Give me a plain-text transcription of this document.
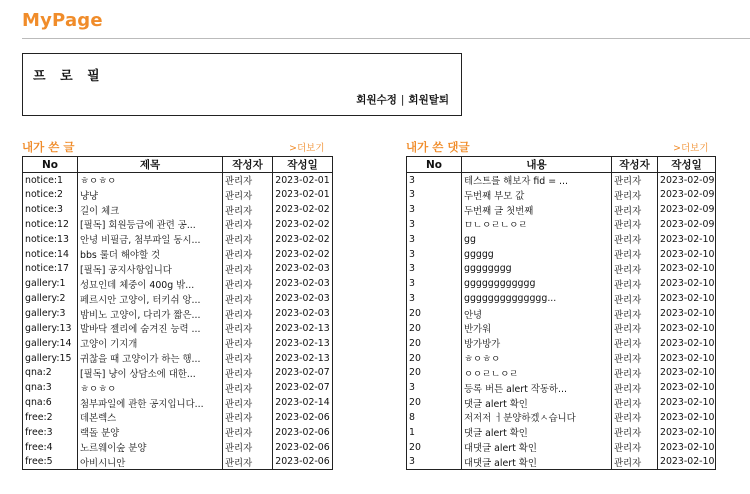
MyPage
프 로 필
회원수정 | 회원탈퇴
내가 쓴 글	>더보기	내가 쓴 댓글	>더보기
No	제목	작성자	작성일
notice:1	ㅎㅇㅎㅇ	관리자	2023-02-01
notice:2	냥냥	관리자	2023-02-01
notice:3	길이 체크	관리자	2023-02-02
notice:12	[필독] 회원등급에 관련 공...	관리자	2023-02-02
notice:13	안녕 비필금, 첨부파일 동시...	관리자	2023-02-02
notice:14	bbs 룰더 해야할 것	관리자	2023-02-02
notice:17	[필독] 공지사항입니다	관리자	2023-02-03
gallery:1	성묘인데 체중이 400g 밖...	관리자	2023-02-03
gallery:2	페르시안 고양이, 터키쉬 앙...	관리자	2023-02-03
gallery:3	밤비노 고양이, 다리가 짧은...	관리자	2023-02-03
gallery:13	발바닥 젤리에 숨겨진 능력 ...	관리자	2023-02-13
gallery:14	고양이 기지개	관리자	2023-02-13
gallery:15	귀찮을 때 고양이가 하는 행...	관리자	2023-02-13
qna:2	[필독] 냥이 상담소에 대한...	관리자	2023-02-07
qna:3	ㅎㅇㅎㅇ	관리자	2023-02-07
qna:6	첨부파일에 관한 공지입니다...	관리자	2023-02-14
free:2	데본렉스	관리자	2023-02-06
free:3	랙돌 분양	관리자	2023-02-06
free:4	노르웨이숲 분양	관리자	2023-02-06
free:5	아비시니안	관리자	2023-02-06
No	내용	작성자	작성일
3	테스트를 해보자 fid = ...	관리자	2023-02-09
3	두번째 부모 값	관리자	2023-02-09
3	두번째 글 첫번째	관리자	2023-02-09
3	ㅁㄴㅇㄹㄴㅇㄹ	관리자	2023-02-09
3	gg	관리자	2023-02-10
3	ggggg	관리자	2023-02-10
3	gggggggg	관리자	2023-02-10
3	gggggggggggg	관리자	2023-02-10
3	gggggggggggggg...	관리자	2023-02-10
20	안녕	관리자	2023-02-10
20	반가워	관리자	2023-02-10
20	방가방가	관리자	2023-02-10
20	ㅎㅇㅎㅇ	관리자	2023-02-10
20	ㅇㅇㄹㄴㅇㄹ	관리자	2023-02-10
3	등록 버튼 alert 작동하...	관리자	2023-02-10
20	댓글 alert 확인	관리자	2023-02-10
8	저저저 ㅓ분양하겠ㅅ습니다	관리자	2023-02-10
1	댓글 alert 확인	관리자	2023-02-10
20	대댓글 alert 확인	관리자	2023-02-10
3	대댓글 alert 확인	관리자	2023-02-10
